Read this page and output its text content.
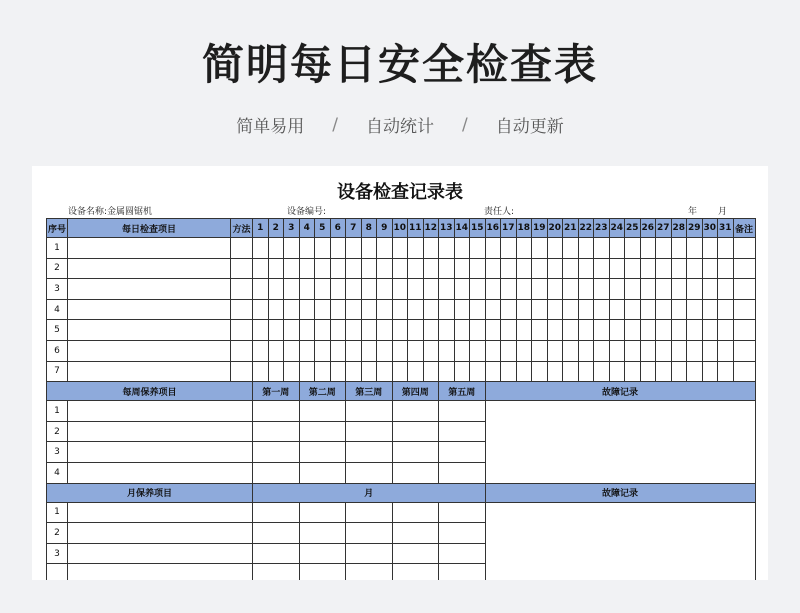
简明每日安全检查表
简单易用 / 自动统计 / 自动更新
设备检查记录表
设备名称:金属圆锯机	设备编号:	责任人:	年 月
序号	每日检查项目	方法	1	2	3	4	5	6	7	8	9	10	11	12	13	14	15	16	17	18	19	20	21	22	23	24	25	26	27	28	29	30	31	备注
1																																		
2																																		
3																																		
4																																		
5																																		
6																																		
7																																		
每周保养项目			第一周			第二周			第三周			第四周			第五周			故障记录																
1																																		
2																																		
3																																		
4																																		
月保养项目			月															故障记录																
1																																		
2																																		
3																																		
